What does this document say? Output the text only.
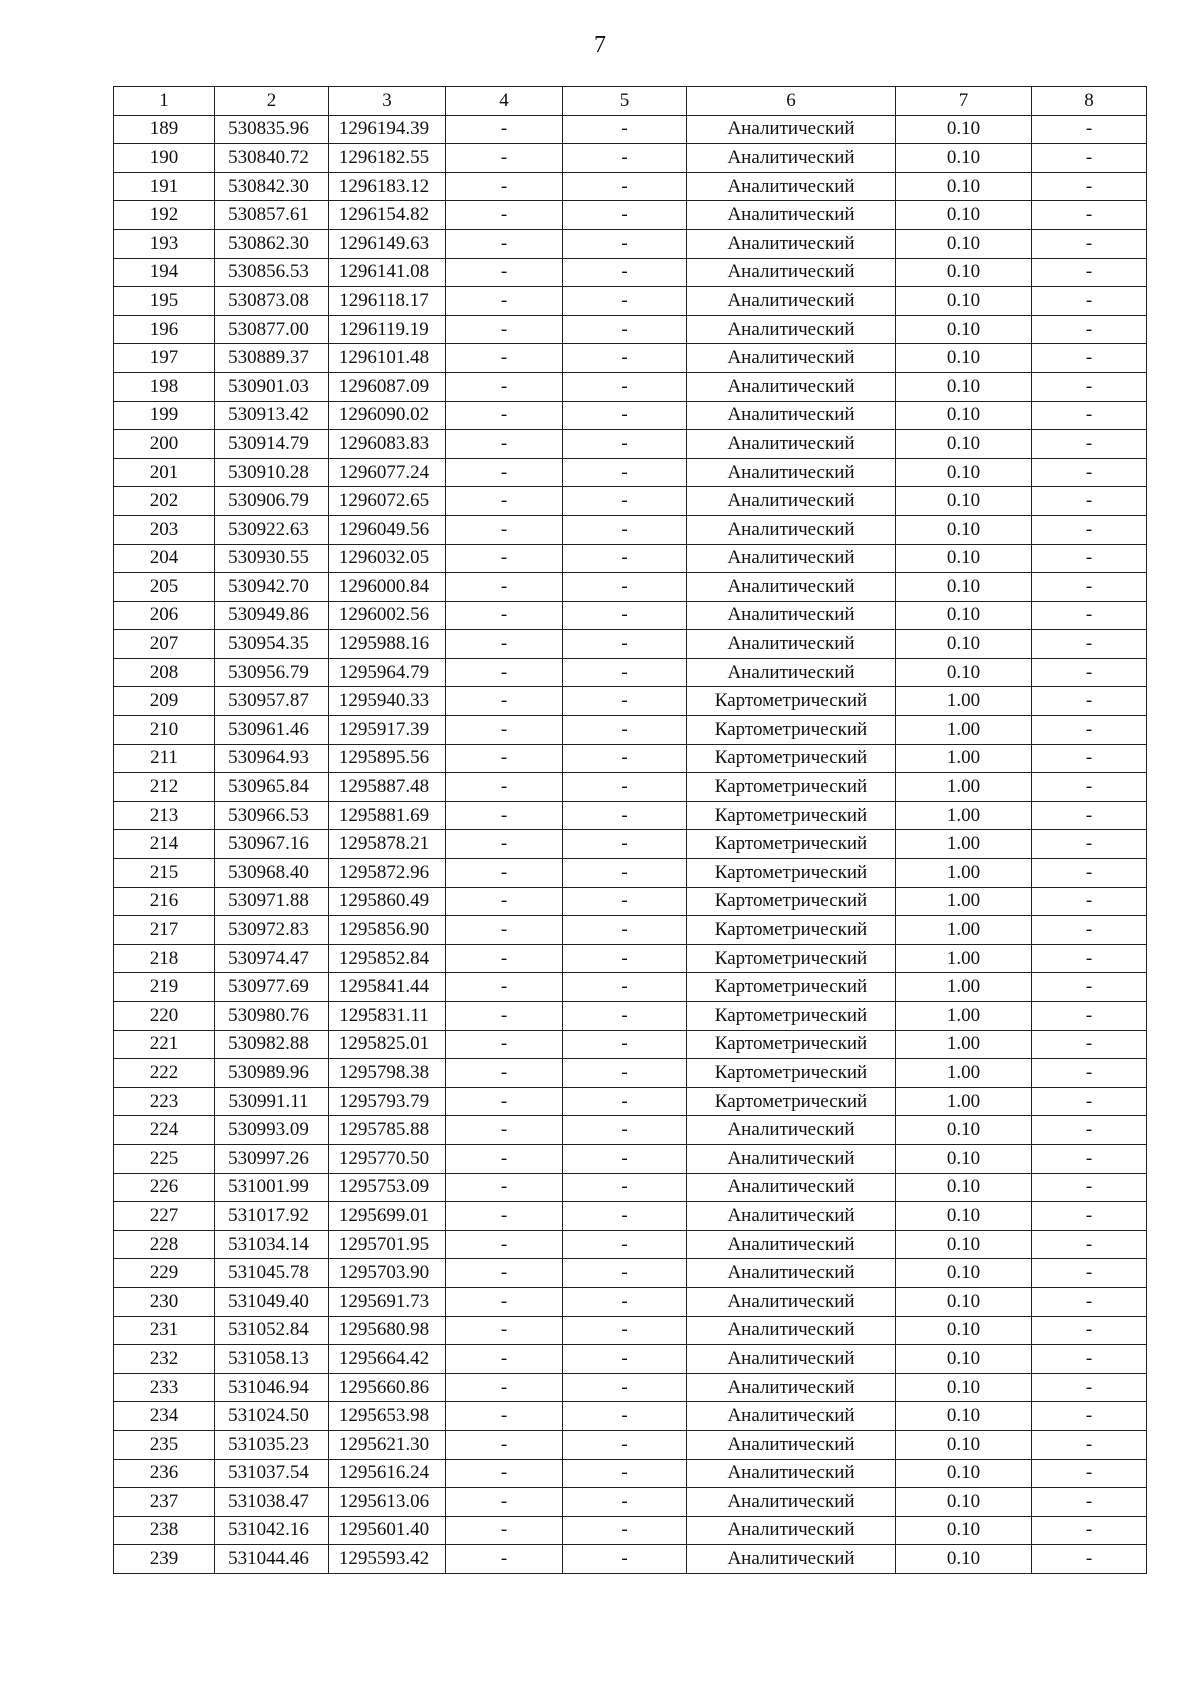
7
1	2	3	4	5	6	7	8
189	530835.96	1296194.39	-	-	Аналитический	0.10	-
190	530840.72	1296182.55	-	-	Аналитический	0.10	-
191	530842.30	1296183.12	-	-	Аналитический	0.10	-
192	530857.61	1296154.82	-	-	Аналитический	0.10	-
193	530862.30	1296149.63	-	-	Аналитический	0.10	-
194	530856.53	1296141.08	-	-	Аналитический	0.10	-
195	530873.08	1296118.17	-	-	Аналитический	0.10	-
196	530877.00	1296119.19	-	-	Аналитический	0.10	-
197	530889.37	1296101.48	-	-	Аналитический	0.10	-
198	530901.03	1296087.09	-	-	Аналитический	0.10	-
199	530913.42	1296090.02	-	-	Аналитический	0.10	-
200	530914.79	1296083.83	-	-	Аналитический	0.10	-
201	530910.28	1296077.24	-	-	Аналитический	0.10	-
202	530906.79	1296072.65	-	-	Аналитический	0.10	-
203	530922.63	1296049.56	-	-	Аналитический	0.10	-
204	530930.55	1296032.05	-	-	Аналитический	0.10	-
205	530942.70	1296000.84	-	-	Аналитический	0.10	-
206	530949.86	1296002.56	-	-	Аналитический	0.10	-
207	530954.35	1295988.16	-	-	Аналитический	0.10	-
208	530956.79	1295964.79	-	-	Аналитический	0.10	-
209	530957.87	1295940.33	-	-	Картометрический	1.00	-
210	530961.46	1295917.39	-	-	Картометрический	1.00	-
211	530964.93	1295895.56	-	-	Картометрический	1.00	-
212	530965.84	1295887.48	-	-	Картометрический	1.00	-
213	530966.53	1295881.69	-	-	Картометрический	1.00	-
214	530967.16	1295878.21	-	-	Картометрический	1.00	-
215	530968.40	1295872.96	-	-	Картометрический	1.00	-
216	530971.88	1295860.49	-	-	Картометрический	1.00	-
217	530972.83	1295856.90	-	-	Картометрический	1.00	-
218	530974.47	1295852.84	-	-	Картометрический	1.00	-
219	530977.69	1295841.44	-	-	Картометрический	1.00	-
220	530980.76	1295831.11	-	-	Картометрический	1.00	-
221	530982.88	1295825.01	-	-	Картометрический	1.00	-
222	530989.96	1295798.38	-	-	Картометрический	1.00	-
223	530991.11	1295793.79	-	-	Картометрический	1.00	-
224	530993.09	1295785.88	-	-	Аналитический	0.10	-
225	530997.26	1295770.50	-	-	Аналитический	0.10	-
226	531001.99	1295753.09	-	-	Аналитический	0.10	-
227	531017.92	1295699.01	-	-	Аналитический	0.10	-
228	531034.14	1295701.95	-	-	Аналитический	0.10	-
229	531045.78	1295703.90	-	-	Аналитический	0.10	-
230	531049.40	1295691.73	-	-	Аналитический	0.10	-
231	531052.84	1295680.98	-	-	Аналитический	0.10	-
232	531058.13	1295664.42	-	-	Аналитический	0.10	-
233	531046.94	1295660.86	-	-	Аналитический	0.10	-
234	531024.50	1295653.98	-	-	Аналитический	0.10	-
235	531035.23	1295621.30	-	-	Аналитический	0.10	-
236	531037.54	1295616.24	-	-	Аналитический	0.10	-
237	531038.47	1295613.06	-	-	Аналитический	0.10	-
238	531042.16	1295601.40	-	-	Аналитический	0.10	-
239	531044.46	1295593.42	-	-	Аналитический	0.10	-
